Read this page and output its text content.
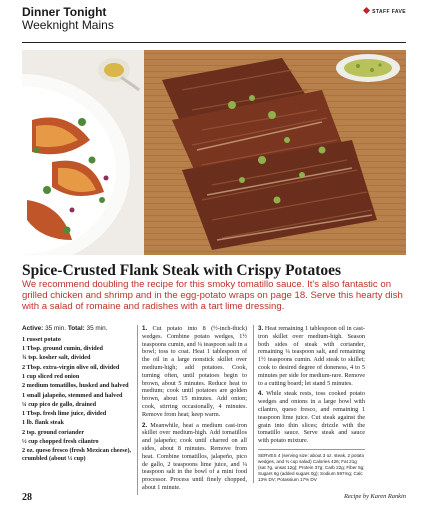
Dinner Tonight
Weeknight Mains
STAFF FAVE
Spice-Crusted Flank Steak with Crispy Potatoes
We recommend doubling the recipe for this smoky tomatillo sauce. It's also fantastic on grilled chicken and shrimp and in the egg-potato wraps on page 18. Serve this hearty dish with a salad of romaine and radishes with a tart lime dressing.
Active: 35 min. Total: 35 min.
1 russet potato
1 Tbsp. ground cumin, divided
¾ tsp. kosher salt, divided
2 Tbsp. extra-virgin olive oil, divided
1 cup sliced red onion
2 medium tomatillos, husked and halved
1 small jalapeño, stemmed and halved
¼ cup pico de gallo, drained
1 Tbsp. fresh lime juice, divided
1 lb. flank steak
2 tsp. ground coriander
½ cup chopped fresh cilantro
2 oz. queso fresco (fresh Mexican cheese), crumbled (about ½ cup)
1. Cut potato into 8 (½-inch-thick) wedges. Combine potato wedges, 1½ teaspoons cumin, and ¼ teaspoon salt in a bowl; toss to coat. Heat 1 tablespoon of the oil in a large nonstick skillet over medium-high; add potatoes. Cook, turning often, until potatoes begin to brown, about 5 minutes. Reduce heat to medium; cook until potatoes are golden brown, about 15 minutes. Add onion; cook, stirring occasionally, 4 minutes. Remove from heat; keep warm.
2. Meanwhile, heat a medium cast-iron skillet over medium-high. Add tomatillos and jalapeño; cook until charred on all sides, about 8 minutes. Remove from heat. Combine tomatillos, jalapeño, pico de gallo, 2 teaspoons lime juice, and ¼ teaspoon salt in the bowl of a mini food processor. Process until finely chopped, about 1 minute.
3. Heat remaining 1 tablespoon oil in cast-iron skillet over medium-high. Season both sides of steak with coriander, remaining ¼ teaspoon salt, and remaining 1½ teaspoons cumin. Add steak to skillet; cook to desired degree of doneness, 4 to 5 minutes per side for medium-rare. Remove to a cutting board; let stand 5 minutes.
4. While steak rests, toss cooked potato wedges and onions in a large bowl with cilantro, queso fresco, and remaining 1 teaspoon lime juice. Cut steak against the grain into thin slices; drizzle with the tomatillo sauce. Serve steak and sauce with potato mixture.
SERVES 4 (serving size: about 3 oz. steak, 2 potato wedges, and ¾ cup salad) Calories 426; Fat 21g (sat 7g, unsat 12g); Protein 37g; Carb 22g; Fiber 5g; Sugars 6g (added sugars 0g); Sodium 597mg; Calc 13% DV; Potassium 17% DV
28	Recipe by Karen Rankin
